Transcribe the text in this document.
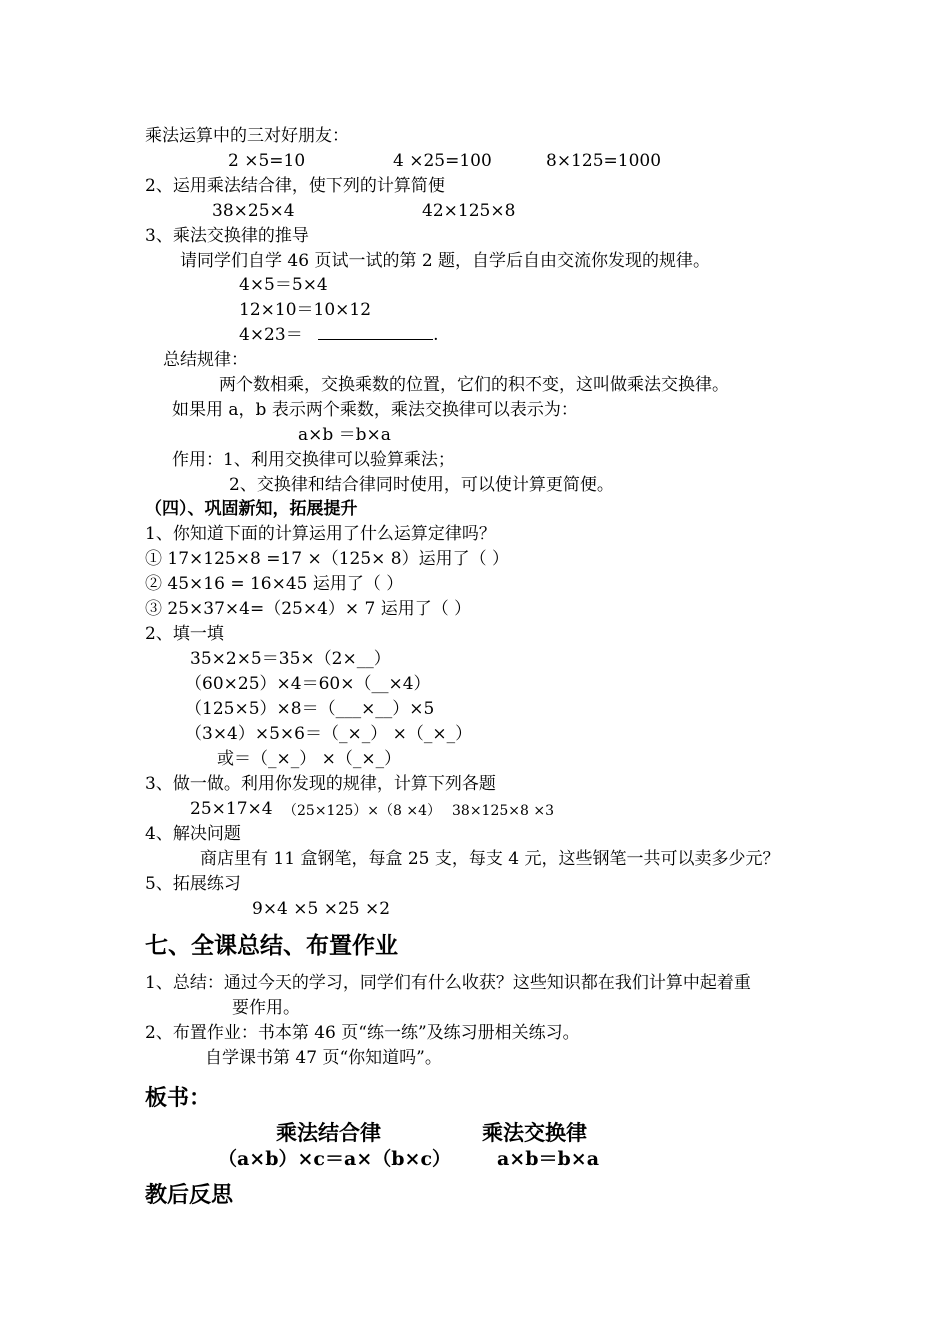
乘法运算中的三对好朋友：
2 ×5=10	4 ×25=100	8×125=1000
2、运用乘法结合律，使下列的计算简便
38×25×4	42×125×8
3、乘法交换律的推导
请同学们自学 46 页试一试的第 2 题，自学后自由交流你发现的规律。
4×5＝5×4
12×10＝10×12
4×23＝	.
总结规律：
两个数相乘，交换乘数的位置，它们的积不变，这叫做乘法交换律。
如果用 a，b 表示两个乘数，乘法交换律可以表示为：
a×b ＝b×a
作用：1、利用交换律可以验算乘法；
2、交换律和结合律同时使用，可以使计算更简便。
（四）、巩固新知，拓展提升
1、你知道下面的计算运用了什么运算定律吗？
① 17×125×8 =17 ×（125× 8）运用了（ ）
② 45×16 = 16×45 运用了（ ）
③ 25×37×4=（25×4）× 7 运用了（ ）
2、填一填
35×2×5＝35×（2×__）
（60×25）×4＝60×（__×4）
（125×5）×8＝（___×__）×5
（3×4）×5×6＝（_×_） ×（_×_）
或＝（_×_） ×（_×_）
3、做一做。利用你发现的规律，计算下列各题
25×17×4 （25×125）×（8 ×4） 38×125×8 ×3
4、解决问题
商店里有 11 盒钢笔，每盒 25 支，每支 4 元，这些钢笔一共可以卖多少元？
5、拓展练习
9×4 ×5 ×25 ×2
七、全课总结、布置作业
1、总结：通过今天的学习，同学们有什么收获？这些知识都在我们计算中起着重
要作用。
2、布置作业：书本第 46 页“练一练”及练习册相关练习。
自学课书第 47 页“你知道吗”。
板书：
乘法结合律	乘法交换律
（a×b）×c＝a×（b×c） a×b＝b×a
教后反思
